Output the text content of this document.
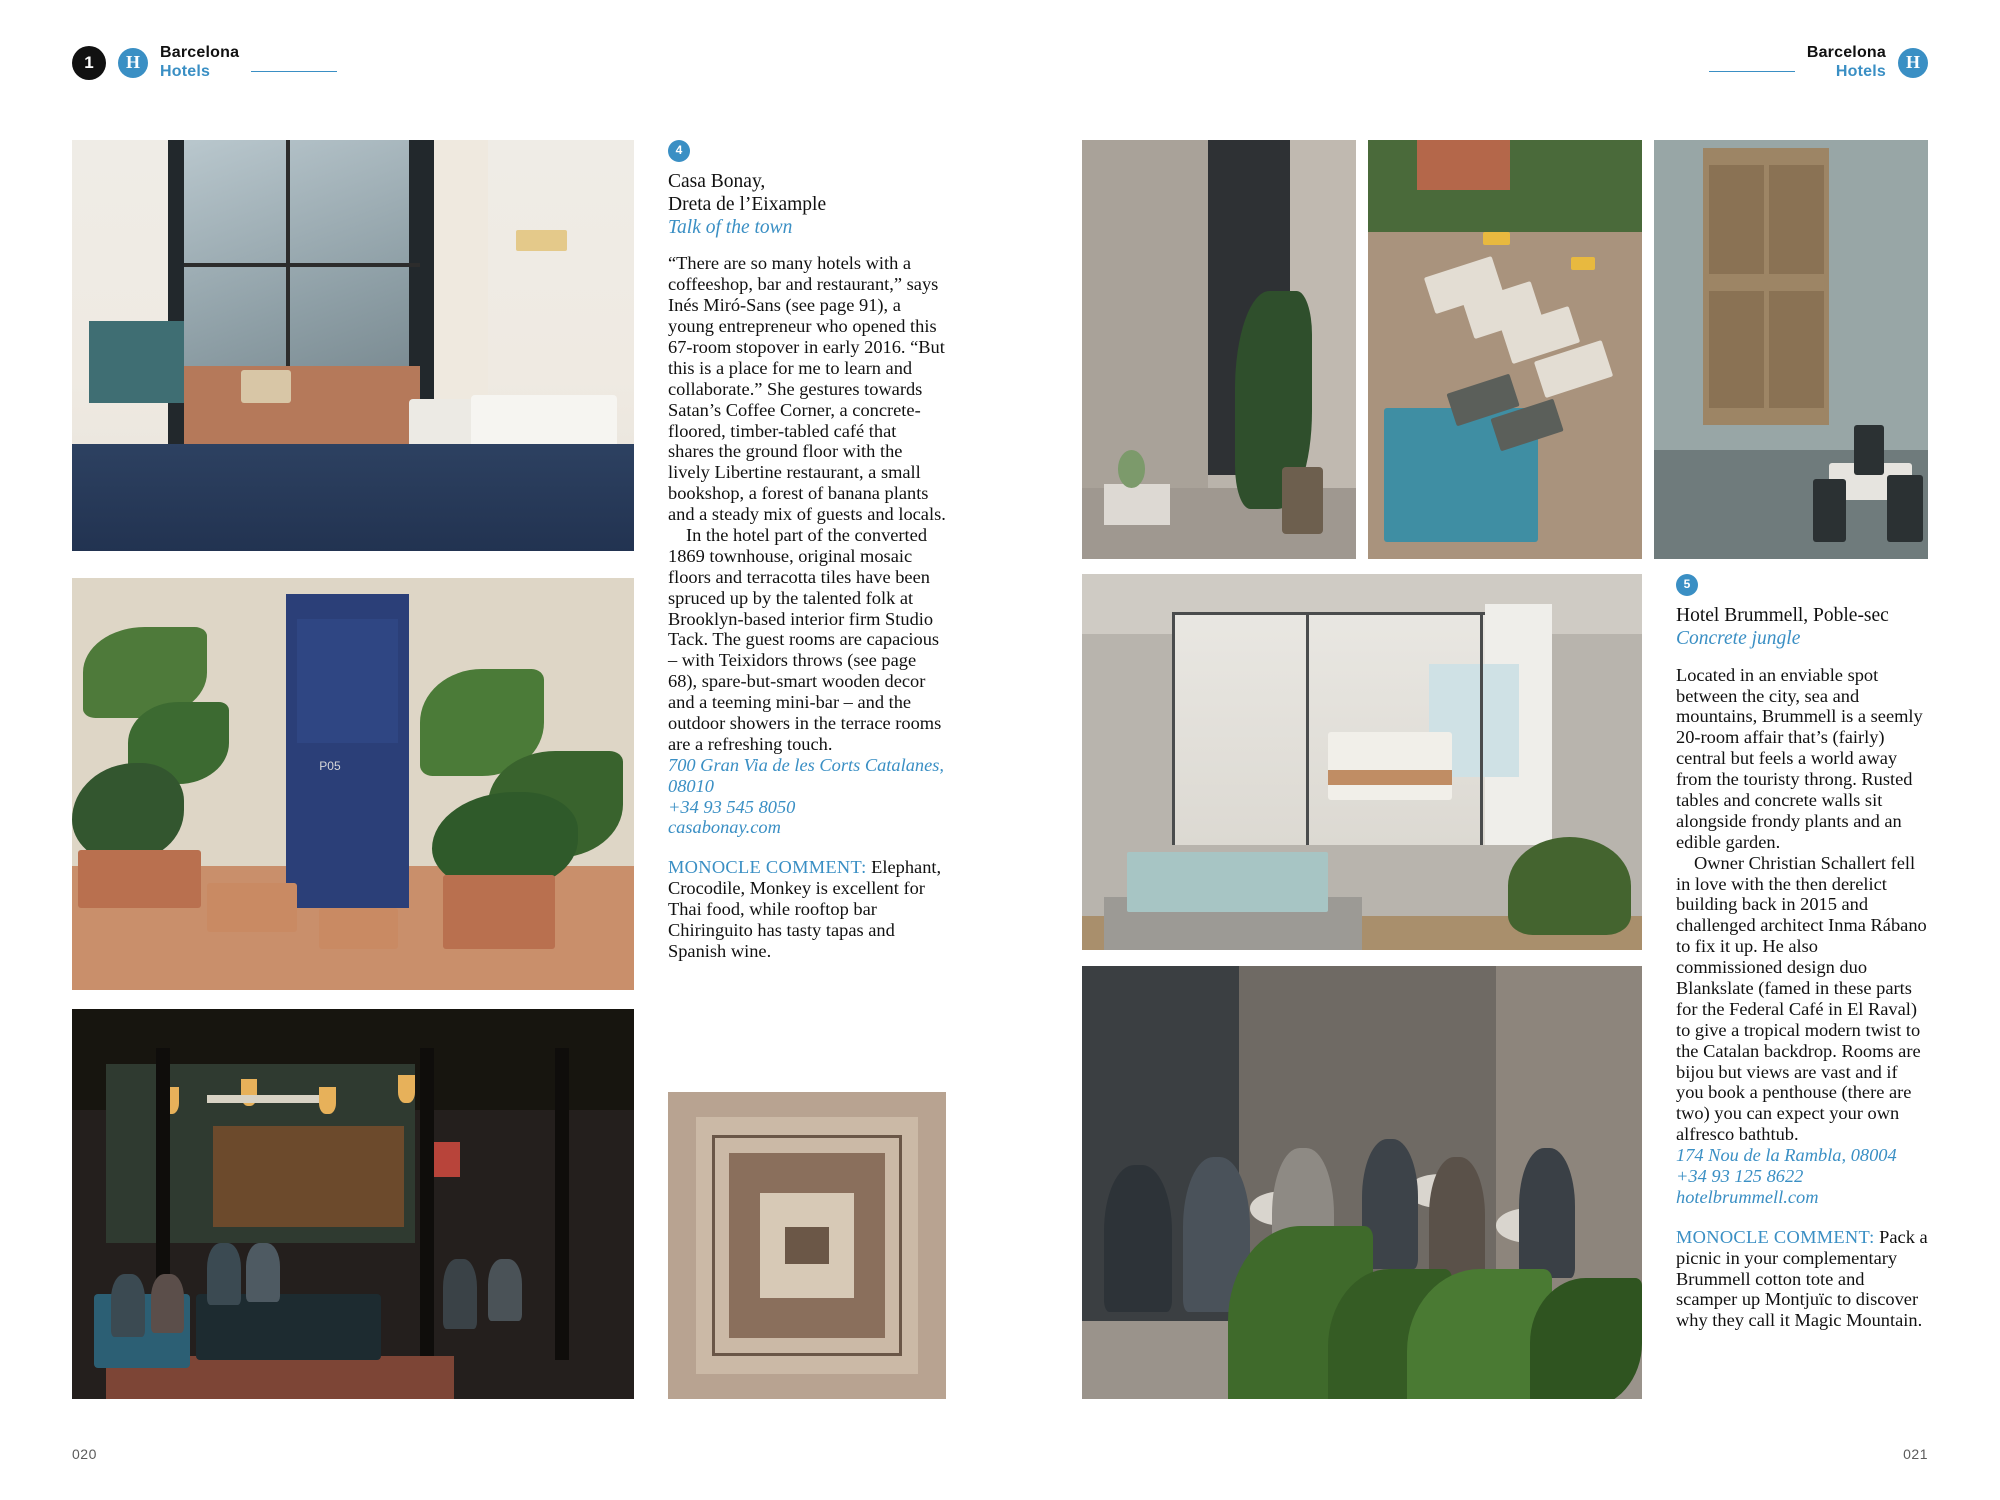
1	H	Barcelona
Hotels
P05
4
Casa Bonay,
Dreta de l’Eixample
Talk of the town

“There are so many hotels with a coffeeshop, bar and restaurant,” says Inés Miró-Sans (see page 91), a young entrepreneur who opened this 67-room stopover in early 2016. “But this is a place for me to learn and collaborate.” She gestures towards Satan’s Coffee Corner, a concrete-floored, timber-tabled café that shares the ground floor with the lively Libertine restaurant, a small bookshop, a forest of banana plants and a steady mix of guests and locals.

In the hotel part of the converted 1869 townhouse, original mosaic floors and terracotta tiles have been spruced up by the talented folk at Brooklyn-based interior firm Studio Tack. The guest rooms are capacious – with Teixidors throws (see page 68), spare-but-smart wooden decor and a teeming mini-bar – and the outdoor showers in the terrace rooms are a refreshing touch.

700 Gran Via de les Corts Catalanes, 08010
+34 93 545 8050
casabonay.com
MONOCLE COMMENT: Elephant, Crocodile, Monkey is excellent for Thai food, while rooftop bar Chiringuito has tasty tapas and Spanish wine.
020
Barcelona
Hotels	H
5
Hotel Brummell, Poble-sec
Concrete jungle

Located in an enviable spot between the city, sea and mountains, Brummell is a seemly 20-room affair that’s (fairly) central but feels a world away from the touristy throng. Rusted tables and concrete walls sit alongside frondy plants and an edible garden.

Owner Christian Schallert fell in love with the then derelict building back in 2015 and challenged architect Inma Rábano to fix it up. He also commissioned design duo Blankslate (famed in these parts for the Federal Café in El Raval) to give a tropical modern twist to the Catalan backdrop. Rooms are bijou but views are vast and if you book a penthouse (there are two) you can expect your own alfresco bathtub.

174 Nou de la Rambla, 08004
+34 93 125 8622
hotelbrummell.com
MONOCLE COMMENT: Pack a picnic in your complementary Brummell cotton tote and scamper up Montjuïc to discover why they call it Magic Mountain.
021
